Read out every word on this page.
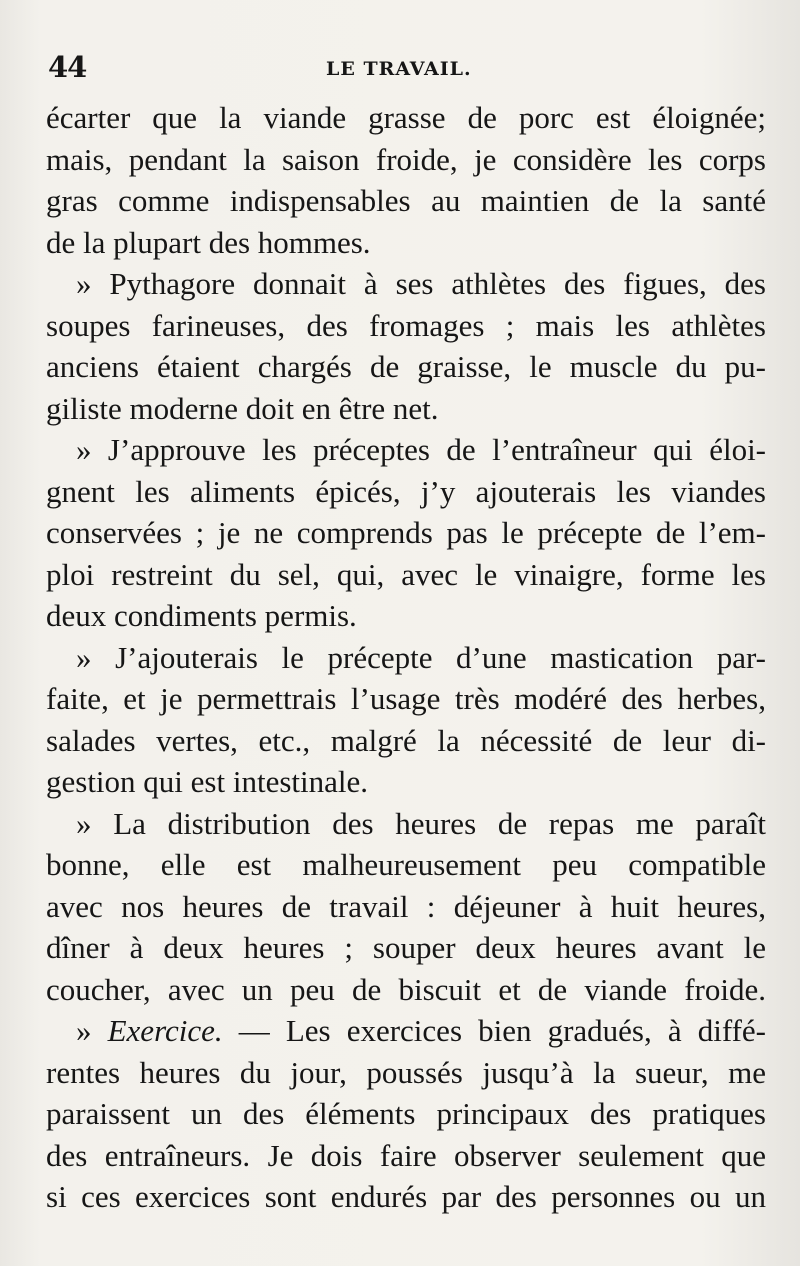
44	LE TRAVAIL.

écarter que la viande grasse de porc est éloignée;
mais, pendant la saison froide, je considère les corps
gras comme indispensables au maintien de la santé
de la plupart des hommes.

» Pythagore donnait à ses athlètes des figues, des
soupes farineuses, des fromages ; mais les athlètes
anciens étaient chargés de graisse, le muscle du pu-
giliste moderne doit en être net.

» J’approuve les préceptes de l’entraîneur qui éloi-
gnent les aliments épicés, j’y ajouterais les viandes
conservées ; je ne comprends pas le précepte de l’em-
ploi restreint du sel, qui, avec le vinaigre, forme les
deux condiments permis.

» J’ajouterais le précepte d’une mastication par-
faite, et je permettrais l’usage très modéré des herbes,
salades vertes, etc., malgré la nécessité de leur di-
gestion qui est intestinale.

» La distribution des heures de repas me paraît
bonne, elle est malheureusement peu compatible
avec nos heures de travail : déjeuner à huit heures,
dîner à deux heures ; souper deux heures avant le
coucher, avec un peu de biscuit et de viande froide.

» Exercice. — Les exercices bien gradués, à diffé-
rentes heures du jour, poussés jusqu’à la sueur, me
paraissent un des éléments principaux des pratiques
des entraîneurs. Je dois faire observer seulement que
si ces exercices sont endurés par des personnes ou un
